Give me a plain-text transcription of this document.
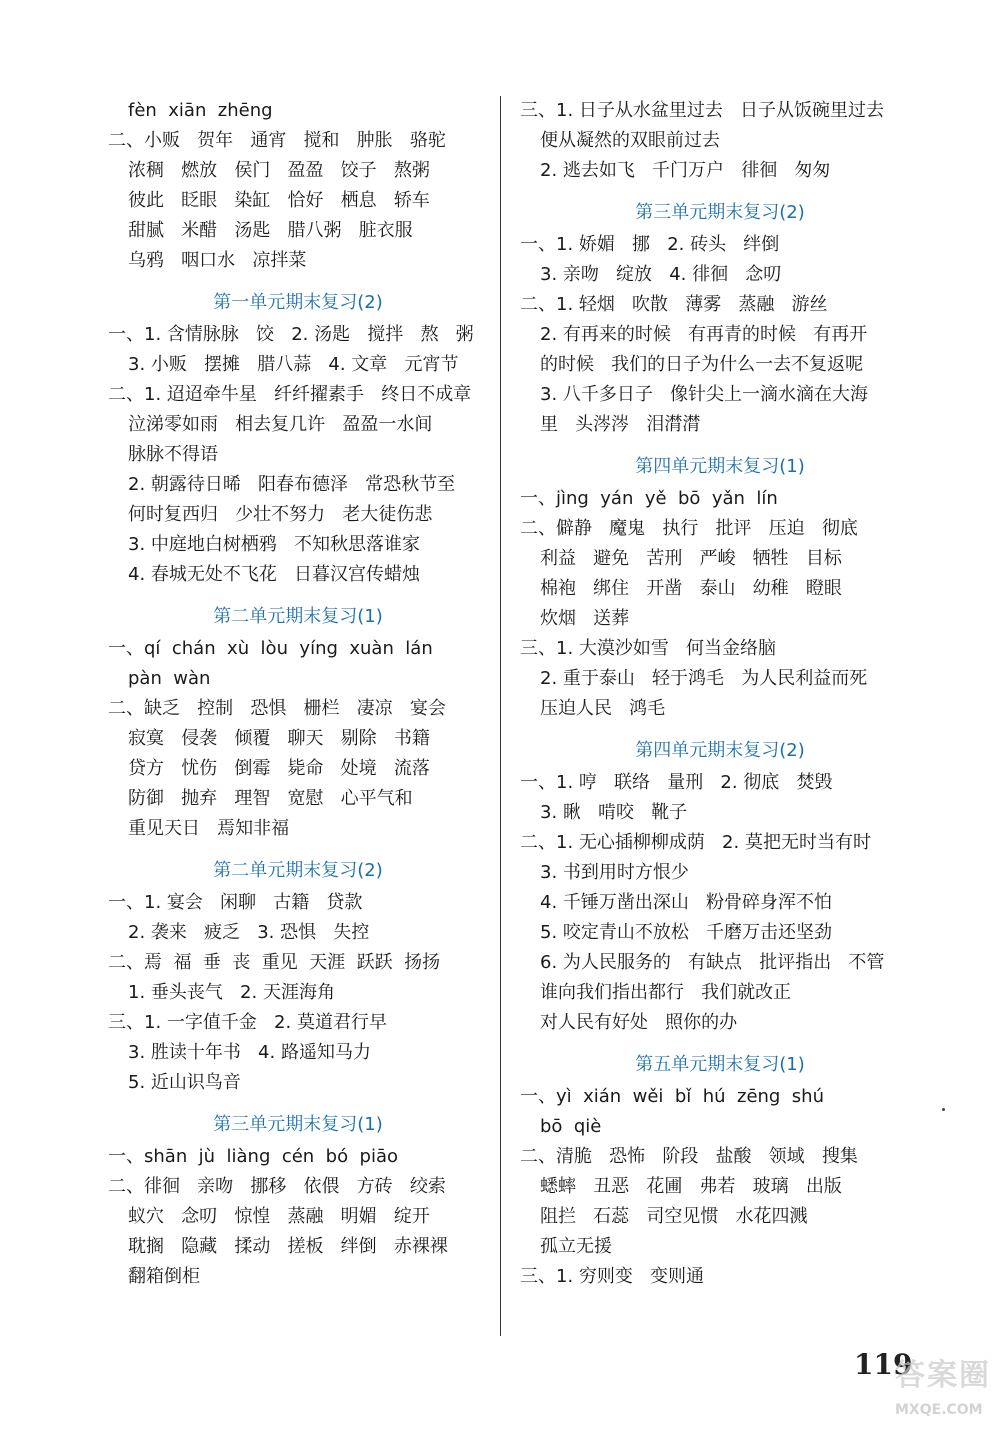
fèn  xiān  zhēng
二、小贩   贺年   通宵   搅和   肿胀   骆驼
浓稠   燃放   侯门   盈盈   饺子   熬粥
彼此   眨眼   染缸   恰好   栖息   轿车
甜腻   米醋   汤匙   腊八粥   脏衣服
乌鸦   咽口水   凉拌菜
第一单元期末复习(2)
一、1. 含情脉脉   饺   2. 汤匙   搅拌   熬   粥
3. 小贩   摆摊   腊八蒜   4. 文章   元宵节
二、1. 迢迢牵牛星   纤纤擢素手   终日不成章
泣涕零如雨   相去复几许   盈盈一水间
脉脉不得语
2. 朝露待日晞   阳春布德泽   常恐秋节至
何时复西归   少壮不努力   老大徒伤悲
3. 中庭地白树栖鸦   不知秋思落谁家
4. 春城无处不飞花   日暮汉宫传蜡烛
第二单元期末复习(1)
一、qí  chán  xù  lòu  yíng  xuàn  lán
pàn  wàn
二、缺乏   控制   恐惧   栅栏   凄凉   宴会
寂寞   侵袭   倾覆   聊天   剔除   书籍
贷方   忧伤   倒霉   毙命   处境   流落
防御   抛弃   理智   宽慰   心平气和
重见天日   焉知非福
第二单元期末复习(2)
一、1. 宴会   闲聊   古籍   贷款
2. 袭来   疲乏   3. 恐惧   失控
二、焉  福  垂  丧  重见  天涯  跃跃  扬扬
1. 垂头丧气   2. 天涯海角
三、1. 一字值千金   2. 莫道君行早
3. 胜读十年书   4. 路遥知马力
5. 近山识鸟音
第三单元期末复习(1)
一、shān  jù  liàng  cén  bó  piāo
二、徘徊   亲吻   挪移   依偎   方砖   绞索
蚁穴   念叨   惊惶   蒸融   明媚   绽开
耽搁   隐藏   揉动   搓板   绊倒   赤裸裸
翻箱倒柜
三、1. 日子从水盆里过去   日子从饭碗里过去
便从凝然的双眼前过去
2. 逃去如飞   千门万户   徘徊   匆匆
第三单元期末复习(2)
一、1. 娇媚   挪   2. 砖头   绊倒
3. 亲吻   绽放   4. 徘徊   念叨
二、1. 轻烟   吹散   薄雾   蒸融   游丝
2. 有再来的时候   有再青的时候   有再开
的时候   我们的日子为什么一去不复返呢
3. 八千多日子   像针尖上一滴水滴在大海
里   头涔涔   泪潸潸
第四单元期末复习(1)
一、jìng  yán  yě  bō  yǎn  lín
二、僻静   魔鬼   执行   批评   压迫   彻底
利益   避免   苦刑   严峻   牺牲   目标
棉袍   绑住   开凿   泰山   幼稚   瞪眼
炊烟   送葬
三、1. 大漠沙如雪   何当金络脑
2. 重于泰山   轻于鸿毛   为人民利益而死
压迫人民   鸿毛
第四单元期末复习(2)
一、1. 哼   联络   量刑   2. 彻底   焚毁
3. 瞅   啃咬   靴子
二、1. 无心插柳柳成荫   2. 莫把无时当有时
3. 书到用时方恨少
4. 千锤万凿出深山   粉骨碎身浑不怕
5. 咬定青山不放松   千磨万击还坚劲
6. 为人民服务的   有缺点   批评指出   不管
谁向我们指出都行   我们就改正
对人民有好处   照你的办
第五单元期末复习(1)
一、yì  xián  wěi  bǐ  hú  zēng  shú
bō  qiè
二、清脆   恐怖   阶段   盐酸   领域   搜集
蟋蟀   丑恶   花圃   弗若   玻璃   出版
阻拦   石蕊   司空见惯   水花四溅
孤立无援
三、1. 穷则变   变则通
119
答案圈
MXQE.COM
